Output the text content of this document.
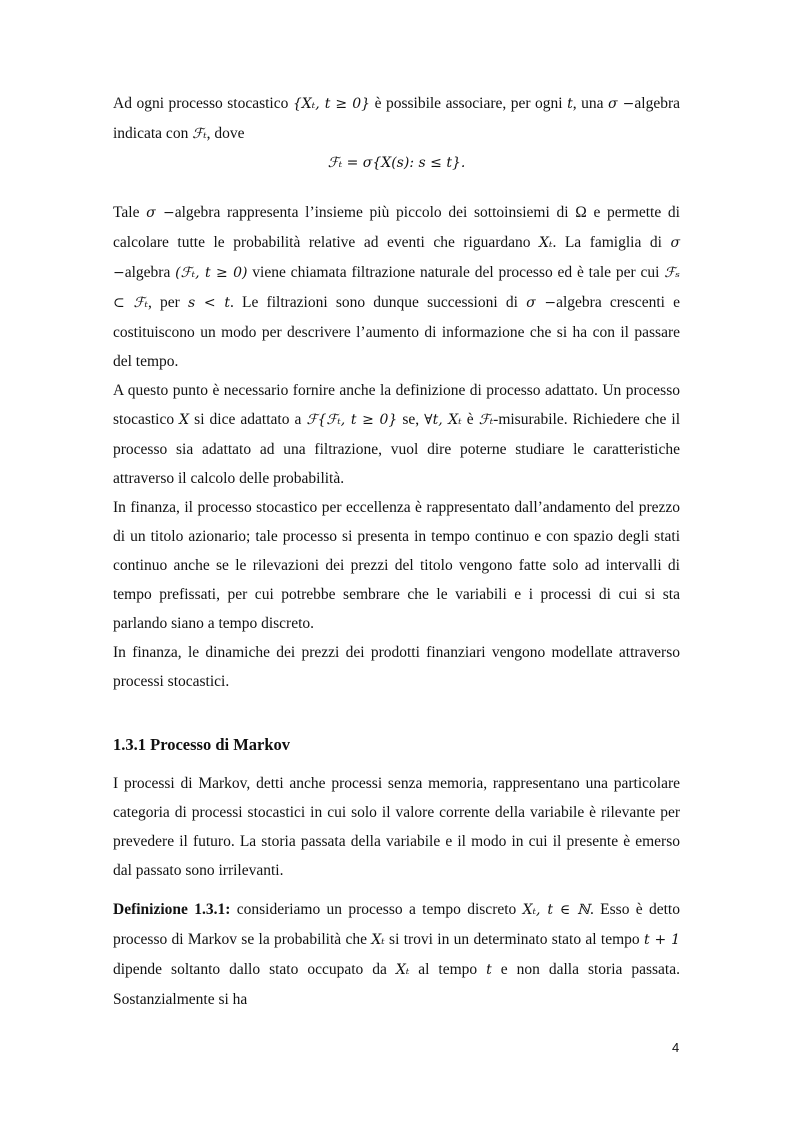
Ad ogni processo stocastico {Xₜ, t ≥ 0} è possibile associare, per ogni t, una σ −algebra indicata con ℱₜ, dove

ℱₜ = σ{X(s): s ≤ t}.

Tale σ −algebra rappresenta l’insieme più piccolo dei sottoinsiemi di Ω e permette di calcolare tutte le probabilità relative ad eventi che riguardano Xₜ. La famiglia di σ −algebra (ℱₜ, t ≥ 0) viene chiamata filtrazione naturale del processo ed è tale per cui ℱₛ ⊂ ℱₜ, per s < t. Le filtrazioni sono dunque successioni di σ −algebra crescenti e costituiscono un modo per descrivere l’aumento di informazione che si ha con il passare del tempo.

A questo punto è necessario fornire anche la definizione di processo adattato. Un processo stocastico X si dice adattato a ℱ{ℱₜ, t ≥ 0} se, ∀t, Xₜ è ℱₜ-misurabile. Richiedere che il processo sia adattato ad una filtrazione, vuol dire poterne studiare le caratteristiche attraverso il calcolo delle probabilità.

In finanza, il processo stocastico per eccellenza è rappresentato dall’andamento del prezzo di un titolo azionario; tale processo si presenta in tempo continuo e con spazio degli stati continuo anche se le rilevazioni dei prezzi del titolo vengono fatte solo ad intervalli di tempo prefissati, per cui potrebbe sembrare che le variabili e i processi di cui si sta parlando siano a tempo discreto.

In finanza, le dinamiche dei prezzi dei prodotti finanziari vengono modellate attraverso processi stocastici.

1.3.1 Processo di Markov

I processi di Markov, detti anche processi senza memoria, rappresentano una particolare categoria di processi stocastici in cui solo il valore corrente della variabile è rilevante per prevedere il futuro. La storia passata della variabile e il modo in cui il presente è emerso dal passato sono irrilevanti.

Definizione 1.3.1: consideriamo un processo a tempo discreto Xₜ, t ∈ ℕ. Esso è detto processo di Markov se la probabilità che Xₜ si trovi in un determinato stato al tempo t + 1 dipende soltanto dallo stato occupato da Xₜ al tempo t e non dalla storia passata. Sostanzialmente si ha

4
